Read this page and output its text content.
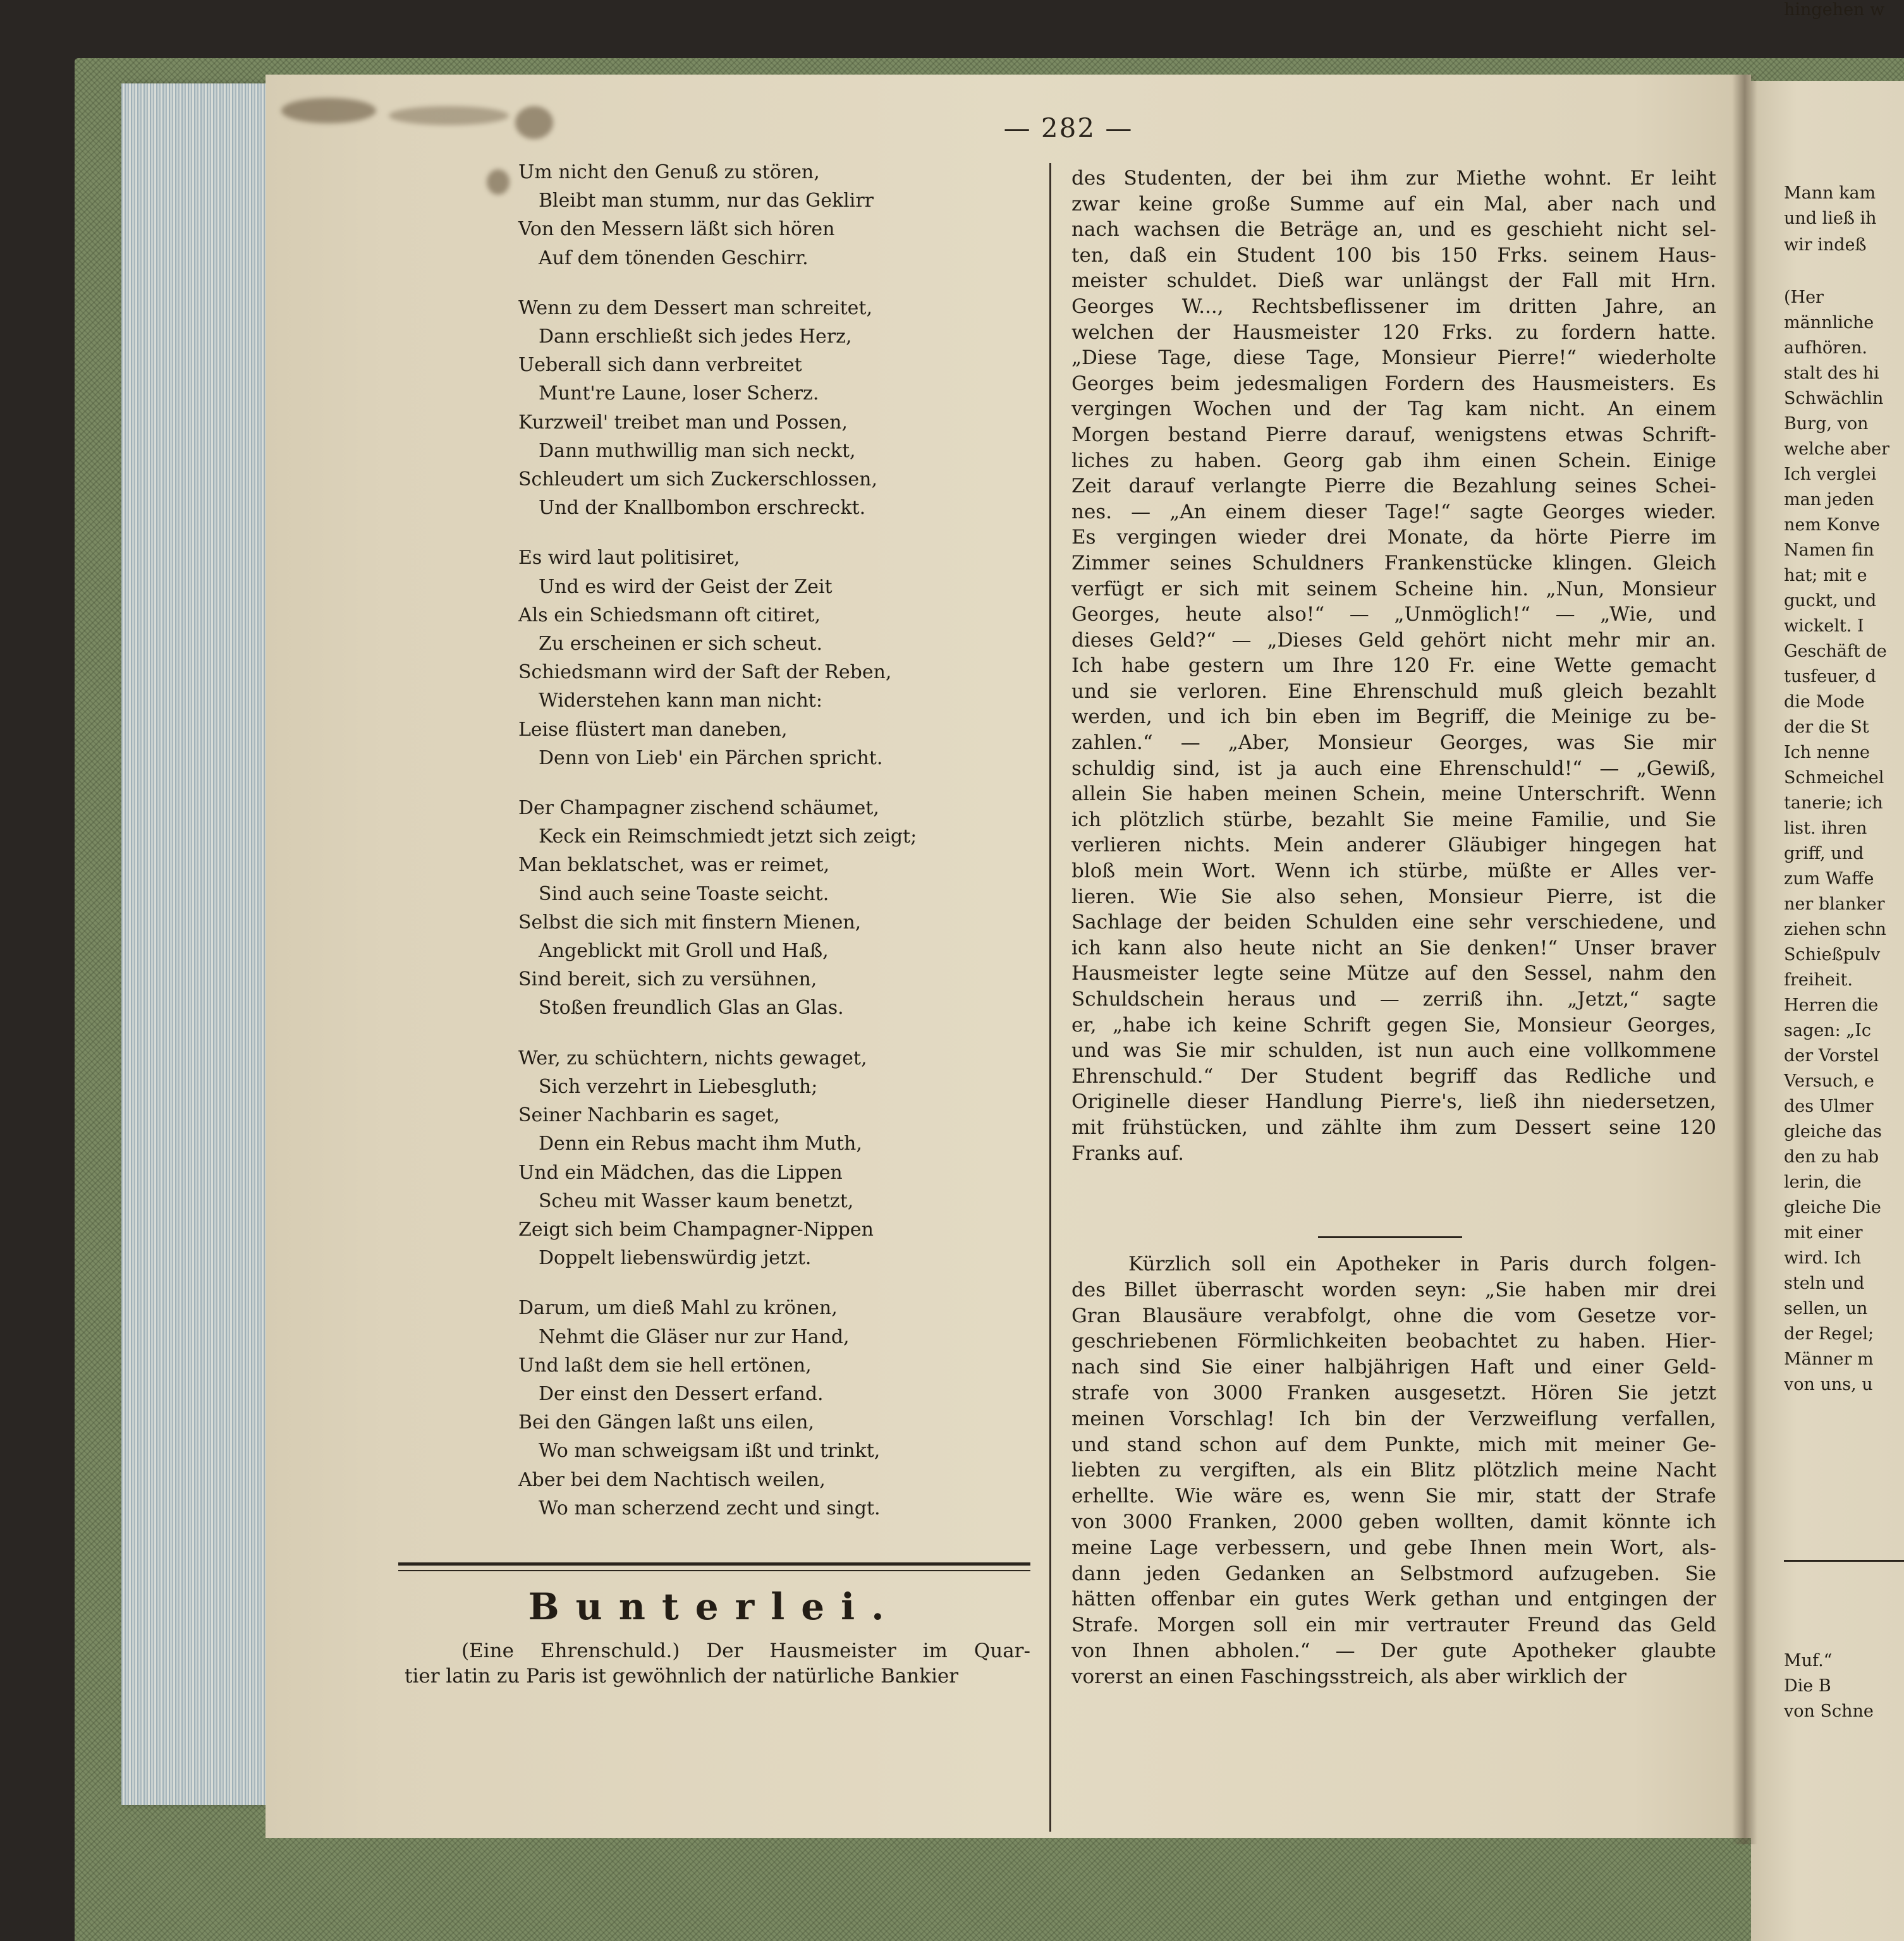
— 282 —
Um nicht den Genuß zu stören,
Bleibt man stumm, nur das Geklirr
Von den Messern läßt sich hören
Auf dem tönenden Geschirr.
Wenn zu dem Dessert man schreitet,
Dann erschließt sich jedes Herz,
Ueberall sich dann verbreitet
Munt're Laune, loser Scherz.
Kurzweil' treibet man und Possen,
Dann muthwillig man sich neckt,
Schleudert um sich Zuckerschlossen,
Und der Knallbombon erschreckt.
Es wird laut politisiret,
Und es wird der Geist der Zeit
Als ein Schiedsmann oft citiret,
Zu erscheinen er sich scheut.
Schiedsmann wird der Saft der Reben,
Widerstehen kann man nicht:
Leise flüstert man daneben,
Denn von Lieb' ein Pärchen spricht.
Der Champagner zischend schäumet,
Keck ein Reimschmiedt jetzt sich zeigt;
Man beklatschet, was er reimet,
Sind auch seine Toaste seicht.
Selbst die sich mit finstern Mienen,
Angeblickt mit Groll und Haß,
Sind bereit, sich zu versühnen,
Stoßen freundlich Glas an Glas.
Wer, zu schüchtern, nichts gewaget,
Sich verzehrt in Liebesgluth;
Seiner Nachbarin es saget,
Denn ein Rebus macht ihm Muth,
Und ein Mädchen, das die Lippen
Scheu mit Wasser kaum benetzt,
Zeigt sich beim Champagner-Nippen
Doppelt liebenswürdig jetzt.
Darum, um dieß Mahl zu krönen,
Nehmt die Gläser nur zur Hand,
Und laßt dem sie hell ertönen,
Der einst den Dessert erfand.
Bei den Gängen laßt uns eilen,
Wo man schweigsam ißt und trinkt,
Aber bei dem Nachtisch weilen,
Wo man scherzend zecht und singt.
Bunterlei.
(Eine Ehrenschuld.) Der Hausmeister im Quar-
tier latin zu Paris ist gewöhnlich der natürliche Bankier
des Studenten, der bei ihm zur Miethe wohnt. Er leiht
zwar keine große Summe auf ein Mal, aber nach und
nach wachsen die Beträge an, und es geschieht nicht sel-
ten, daß ein Student 100 bis 150 Frks. seinem Haus-
meister schuldet. Dieß war unlängst der Fall mit Hrn.
Georges W..., Rechtsbeflissener im dritten Jahre, an
welchen der Hausmeister 120 Frks. zu fordern hatte.
„Diese Tage, diese Tage, Monsieur Pierre!“ wiederholte
Georges beim jedesmaligen Fordern des Hausmeisters. Es
vergingen Wochen und der Tag kam nicht. An einem
Morgen bestand Pierre darauf, wenigstens etwas Schrift-
liches zu haben. Georg gab ihm einen Schein. Einige
Zeit darauf verlangte Pierre die Bezahlung seines Schei-
nes. — „An einem dieser Tage!“ sagte Georges wieder.
Es vergingen wieder drei Monate, da hörte Pierre im
Zimmer seines Schuldners Frankenstücke klingen. Gleich
verfügt er sich mit seinem Scheine hin. „Nun, Monsieur
Georges, heute also!“ — „Unmöglich!“ — „Wie, und
dieses Geld?“ — „Dieses Geld gehört nicht mehr mir an.
Ich habe gestern um Ihre 120 Fr. eine Wette gemacht
und sie verloren. Eine Ehrenschuld muß gleich bezahlt
werden, und ich bin eben im Begriff, die Meinige zu be-
zahlen.“ — „Aber, Monsieur Georges, was Sie mir
schuldig sind, ist ja auch eine Ehrenschuld!“ — „Gewiß,
allein Sie haben meinen Schein, meine Unterschrift. Wenn
ich plötzlich stürbe, bezahlt Sie meine Familie, und Sie
verlieren nichts. Mein anderer Gläubiger hingegen hat
bloß mein Wort. Wenn ich stürbe, müßte er Alles ver-
lieren. Wie Sie also sehen, Monsieur Pierre, ist die
Sachlage der beiden Schulden eine sehr verschiedene, und
ich kann also heute nicht an Sie denken!“ Unser braver
Hausmeister legte seine Mütze auf den Sessel, nahm den
Schuldschein heraus und — zerriß ihn. „Jetzt,“ sagte
er, „habe ich keine Schrift gegen Sie, Monsieur Georges,
und was Sie mir schulden, ist nun auch eine vollkommene
Ehrenschuld.“ Der Student begriff das Redliche und
Originelle dieser Handlung Pierre's, ließ ihn niedersetzen,
mit frühstücken, und zählte ihm zum Dessert seine 120
Franks auf.
Kürzlich soll ein Apotheker in Paris durch folgen-
des Billet überrascht worden seyn: „Sie haben mir drei
Gran Blausäure verabfolgt, ohne die vom Gesetze vor-
geschriebenen Förmlichkeiten beobachtet zu haben. Hier-
nach sind Sie einer halbjährigen Haft und einer Geld-
strafe von 3000 Franken ausgesetzt. Hören Sie jetzt
meinen Vorschlag! Ich bin der Verzweiflung verfallen,
und stand schon auf dem Punkte, mich mit meiner Ge-
liebten zu vergiften, als ein Blitz plötzlich meine Nacht
erhellte. Wie wäre es, wenn Sie mir, statt der Strafe
von 3000 Franken, 2000 geben wollten, damit könnte ich
meine Lage verbessern, und gebe Ihnen mein Wort, als-
dann jeden Gedanken an Selbstmord aufzugeben. Sie
hätten offenbar ein gutes Werk gethan und entgingen der
Strafe. Morgen soll ein mir vertrauter Freund das Geld
von Ihnen abholen.“ — Der gute Apotheker glaubte
vorerst an einen Faschingsstreich, als aber wirklich der
Mann kam
und ließ ih
wir indeß
(Her
männliche
aufhören.
stalt des hi
Schwächlin
Burg, von
welche aber
Ich verglei
man jeden
nem Konve
Namen fin
hat; mit e
guckt, und
wickelt. I
Geschäft de
tusfeuer, d
die Mode
der die St
Ich nenne
Schmeichel
tanerie; ich
list. ihren
griff, und
zum Waffe
ner blanker
ziehen schn
Schießpulv
freiheit.
Herren die
sagen: „Ic
der Vorstel
Versuch, e
des Ulmer
gleiche das
den zu hab
lerin, die
gleiche Die
mit einer
wird. Ich
steln und
sellen, un
der Regel;
Männer m
von uns, u
Muf.“
Die B
von Schne
hingehen w
